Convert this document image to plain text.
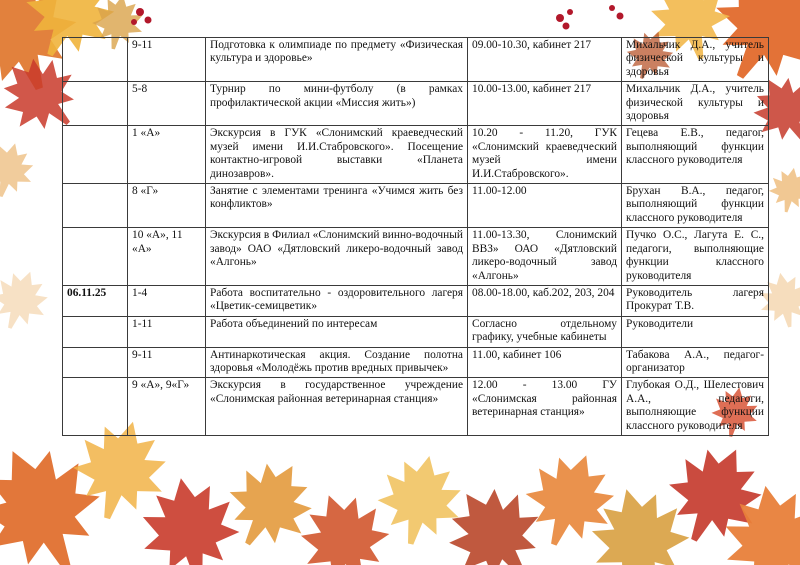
	9-11	Подготовка к олимпиаде по предмету «Физическая культура и здоровье»	09.00-10.30, кабинет 217	Михальчик Д.А., учитель физической культуры и здоровья
	5-8	Турнир по мини-футболу (в рамках профилактической акции «Миссия жить»)	10.00-13.00, кабинет 217	Михальчик Д.А., учитель физической культуры и здоровья
	1 «А»	Экскурсия в ГУК «Слонимский краеведческий музей имени И.И.Стабровского». Посещение контактно-игровой выставки «Планета динозавров».	10.20 - 11.20, ГУК «Слонимский краеведческий музей имени И.И.Стабровского».	Гецева Е.В., педагог, выполняющий функции классного руководителя
	8 «Г»	Занятие с элементами тренинга «Учимся жить без конфликтов»	11.00-12.00	Брухан В.А., педагог, выполняющий функции классного руководителя
	10 «А», 11 «А»	Экскурсия в Филиал «Слонимский винно-водочный завод» ОАО «Дятловский ликеро-водочный завод «Алгонь»	11.00-13.30, Слонимский ВВЗ» ОАО «Дятловский ликеро-водочный завод «Алгонь»	Пучко О.С., Лагута Е. С., педагоги, выполняющие функции классного руководителя
06.11.25	1-4	Работа воспитательно - оздоровительного лагеря «Цветик-семицветик»	08.00-18.00, каб.202, 203, 204	Руководитель лагеря Прокурат Т.В.
	1-11	Работа объединений по интересам	Согласно отдельному графику, учебные кабинеты	Руководители
	9-11	Антинаркотическая акция. Создание полотна здоровья «Молодёжь против вредных привычек»	11.00, кабинет 106	Табакова А.А., педагог-организатор
	9 «А», 9«Г»	Экскурсия в государственное учреждение «Слонимская районная ветеринарная станция»	12.00 - 13.00 ГУ «Слонимская районная ветеринарная станция»	Глубокая О.Д., Шелестович А.А., педагоги, выполняющие функции классного руководителя
